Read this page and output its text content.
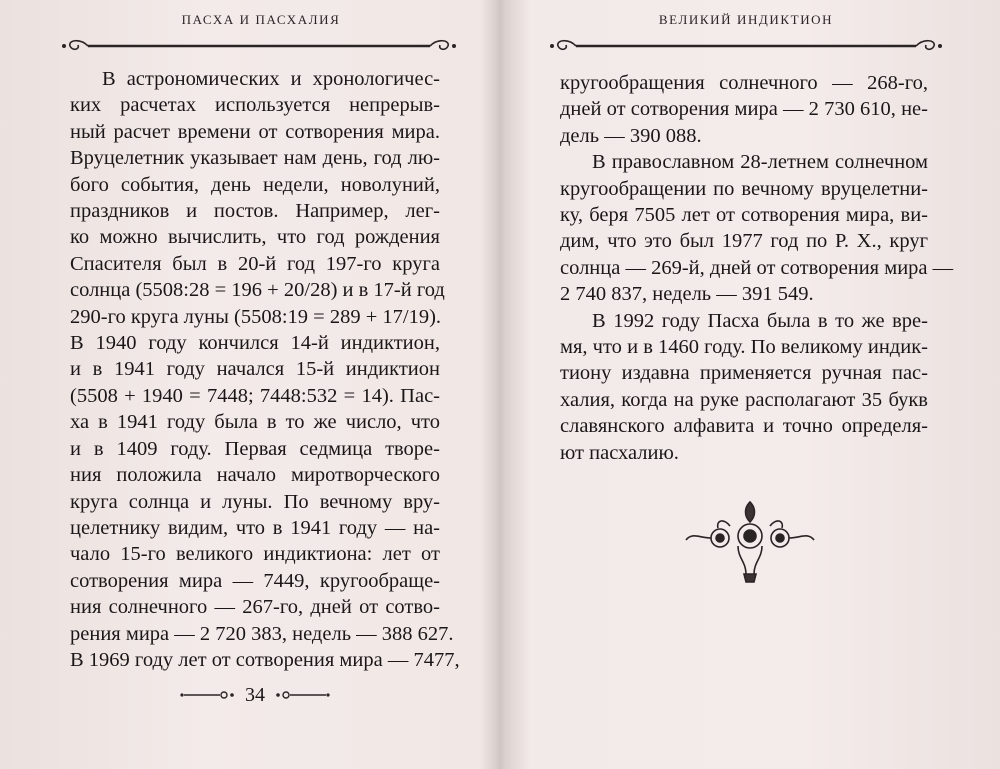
ПАСХА И ПАСХАЛИЯ
В астрономических и хронологичес-
ких расчетах используется непрерыв-
ный расчет времени от сотворения мира.
Вруцелетник указывает нам день, год лю-
бого события, день недели, новолуний,
праздников и постов. Например, лег-
ко можно вычислить, что год рождения
Спасителя был в 20-й год 197-го круга
солнца (5508:28 = 196 + 20/28) и в 17-й год
290-го круга луны (5508:19 = 289 + 17/19).
В 1940 году кончился 14-й индиктион,
и в 1941 году начался 15-й индиктион
(5508 + 1940 = 7448; 7448:532 = 14). Пас-
ха в 1941 году была в то же число, что
и в 1409 году. Первая седмица творе-
ния положила начало миротворческого
круга солнца и луны. По вечному вру-
целетнику видим, что в 1941 году — на-
чало 15-го великого индиктиона: лет от
сотворения мира — 7449, кругообраще-
ния солнечного — 267-го, дней от сотво-
рения мира — 2 720 383, недель — 388 627.
В 1969 году лет от сотворения мира — 7477,
34
ВЕЛИКИЙ ИНДИКТИОН
кругообращения солнечного — 268-го,
дней от сотворения мира — 2 730 610, не-
дель — 390 088.
В православном 28-летнем солнечном
кругообращении по вечному вруцелетни-
ку, беря 7505 лет от сотворения мира, ви-
дим, что это был 1977 год по Р. Х., круг
солнца — 269-й, дней от сотворения мира —
2 740 837, недель — 391 549.
В 1992 году Пасха была в то же вре-
мя, что и в 1460 году. По великому индик-
тиону издавна применяется ручная пас-
халия, когда на руке располагают 35 букв
славянского алфавита и точно определя-
ют пасхалию.
